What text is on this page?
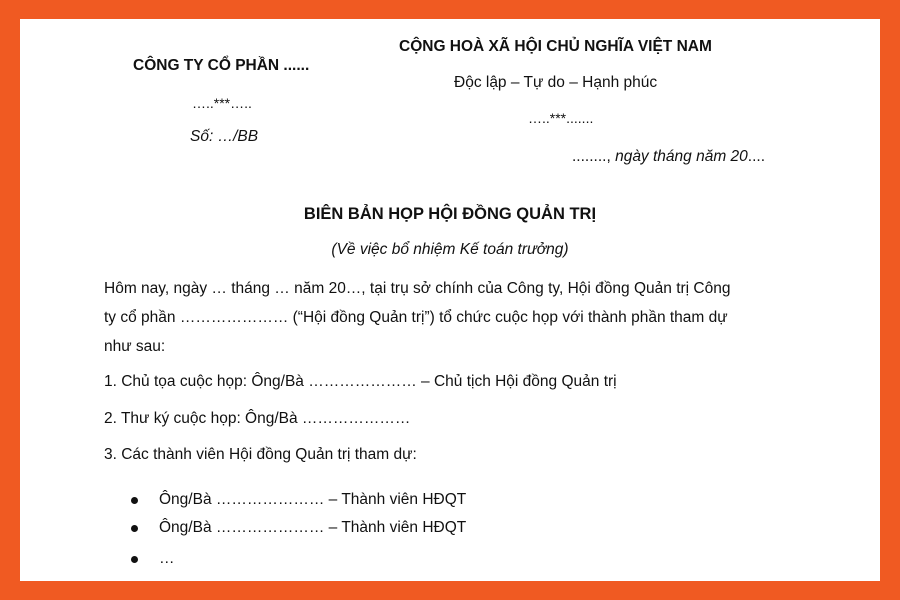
CÔNG TY CỔ PHẦN ......
…..***…..
Số: …/BB
CỘNG HOÀ XÃ HỘI CHỦ NGHĨA VIỆT NAM
Độc lập – Tự do – Hạnh phúc
…..***.......
........, ngày tháng năm 20....
BIÊN BẢN HỌP HỘI ĐỒNG QUẢN TRỊ
(Về việc bổ nhiệm Kế toán trưởng)
Hôm nay, ngày … tháng … năm 20…, tại trụ sở chính của Công ty, Hội đồng Quản trị Công
ty cổ phần ………………… (“Hội đồng Quản trị”) tổ chức cuộc họp với thành phần tham dự
như sau:
1. Chủ tọa cuộc họp: Ông/Bà ………………… – Chủ tịch Hội đồng Quản trị
2. Thư ký cuộc họp: Ông/Bà …………………
3. Các thành viên Hội đồng Quản trị tham dự:
Ông/Bà ………………… – Thành viên HĐQT
Ông/Bà ………………… – Thành viên HĐQT
…
